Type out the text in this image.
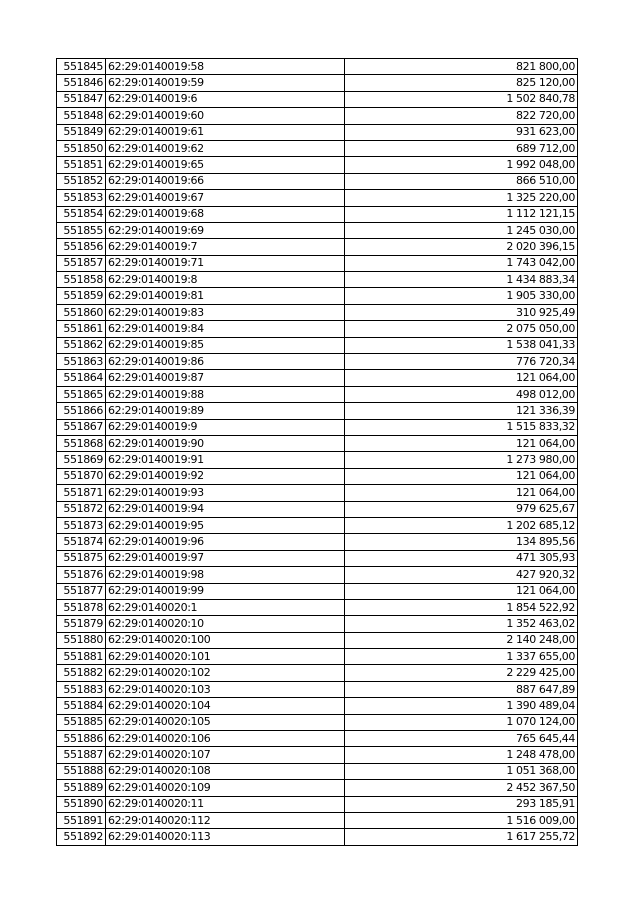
551845	62:29:0140019:58	821 800,00
551846	62:29:0140019:59	825 120,00
551847	62:29:0140019:6	1 502 840,78
551848	62:29:0140019:60	822 720,00
551849	62:29:0140019:61	931 623,00
551850	62:29:0140019:62	689 712,00
551851	62:29:0140019:65	1 992 048,00
551852	62:29:0140019:66	866 510,00
551853	62:29:0140019:67	1 325 220,00
551854	62:29:0140019:68	1 112 121,15
551855	62:29:0140019:69	1 245 030,00
551856	62:29:0140019:7	2 020 396,15
551857	62:29:0140019:71	1 743 042,00
551858	62:29:0140019:8	1 434 883,34
551859	62:29:0140019:81	1 905 330,00
551860	62:29:0140019:83	310 925,49
551861	62:29:0140019:84	2 075 050,00
551862	62:29:0140019:85	1 538 041,33
551863	62:29:0140019:86	776 720,34
551864	62:29:0140019:87	121 064,00
551865	62:29:0140019:88	498 012,00
551866	62:29:0140019:89	121 336,39
551867	62:29:0140019:9	1 515 833,32
551868	62:29:0140019:90	121 064,00
551869	62:29:0140019:91	1 273 980,00
551870	62:29:0140019:92	121 064,00
551871	62:29:0140019:93	121 064,00
551872	62:29:0140019:94	979 625,67
551873	62:29:0140019:95	1 202 685,12
551874	62:29:0140019:96	134 895,56
551875	62:29:0140019:97	471 305,93
551876	62:29:0140019:98	427 920,32
551877	62:29:0140019:99	121 064,00
551878	62:29:0140020:1	1 854 522,92
551879	62:29:0140020:10	1 352 463,02
551880	62:29:0140020:100	2 140 248,00
551881	62:29:0140020:101	1 337 655,00
551882	62:29:0140020:102	2 229 425,00
551883	62:29:0140020:103	887 647,89
551884	62:29:0140020:104	1 390 489,04
551885	62:29:0140020:105	1 070 124,00
551886	62:29:0140020:106	765 645,44
551887	62:29:0140020:107	1 248 478,00
551888	62:29:0140020:108	1 051 368,00
551889	62:29:0140020:109	2 452 367,50
551890	62:29:0140020:11	293 185,91
551891	62:29:0140020:112	1 516 009,00
551892	62:29:0140020:113	1 617 255,72
